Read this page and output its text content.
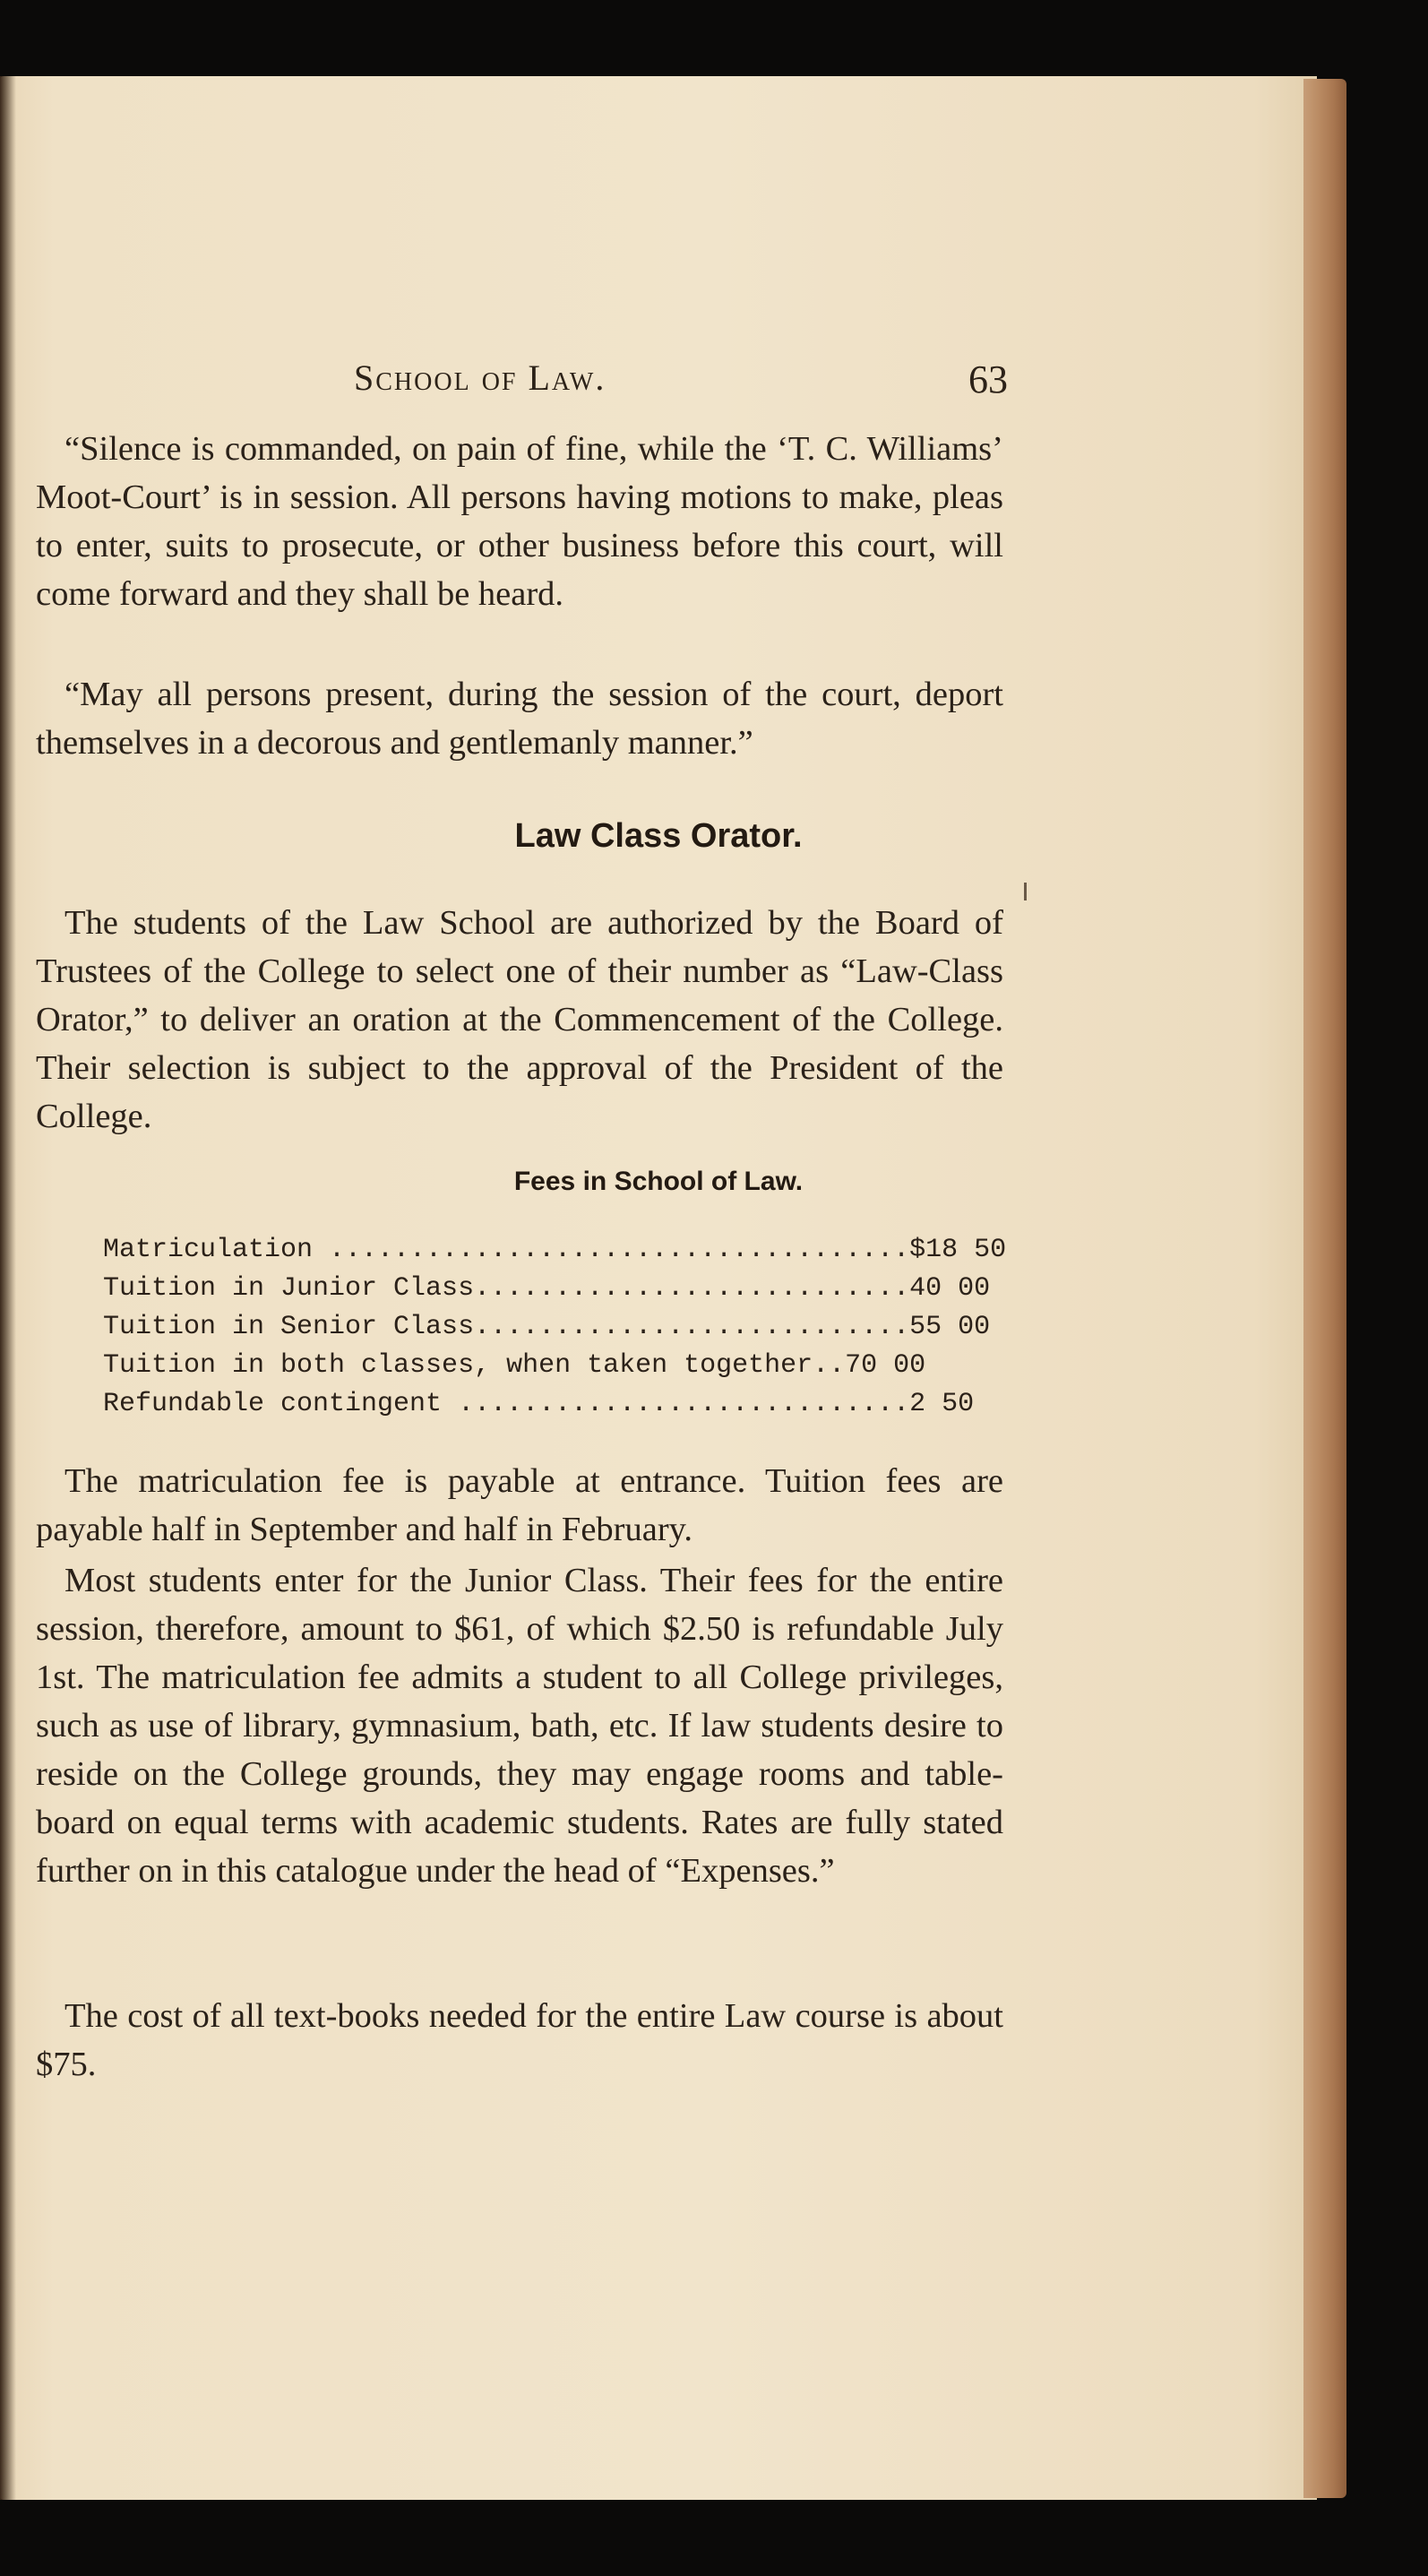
School of Law.	63

“Silence is commanded, on pain of fine, while the ‘T. C. Williams’ Moot-Court’ is in session. All persons having motions to make, pleas to enter, suits to prosecute, or other business before this court, will come forward and they shall be heard.

“May all persons present, during the session of the court, deport themselves in a decorous and gentlemanly manner.”

Law Class Orator.

The students of the Law School are authorized by the Board of Trustees of the College to select one of their number as “Law-Class Orator,” to deliver an oration at the Commencement of the College. Their selection is subject to the approval of the President of the College.

Fees in School of Law.
Matriculation .................................... $18 50
Tuition in Junior Class........................... 40 00
Tuition in Senior Class........................... 55 00
Tuition in both classes, when taken together.. 70 00
Refundable contingent ............................ 2 50

The matriculation fee is payable at entrance. Tuition fees are payable half in September and half in February.

Most students enter for the Junior Class. Their fees for the entire session, therefore, amount to $61, of which $2.50 is refundable July 1st. The matriculation fee admits a student to all College privileges, such as use of library, gymnasium, bath, etc. If law students desire to reside on the College grounds, they may engage rooms and table-board on equal terms with academic students. Rates are fully stated further on in this catalogue under the head of “Expenses.”

The cost of all text-books needed for the entire Law course is about $75.
